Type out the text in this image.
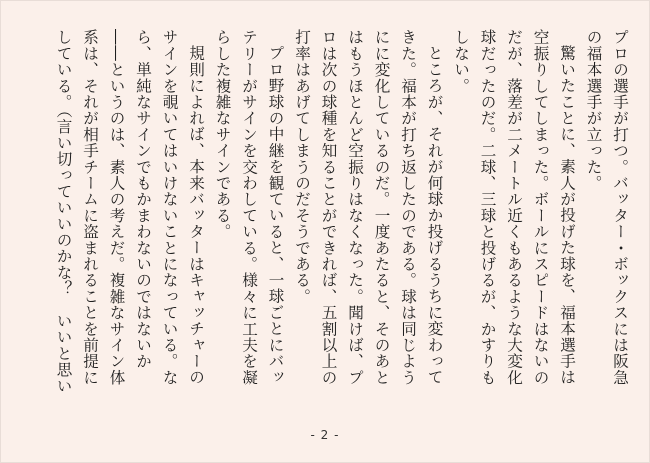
プロの選手が打つ。バッター・ボックスには阪急の福本選手が立った。

驚いたことに、素人が投げた球を、福本選手は空振りしてしまった。ボールにスピードはないのだが、落差が二メートル近くもあるような大変化球だったのだ。二球、三球と投げるが、かすりもしない。

ところが、それが何球か投げるうちに変わってきた。福本が打ち返したのである。球は同じようにに変化しているのだ。一度あたると、そのあとはもうほとんど空振りはなくなった。聞けば、プロは次の球種を知ることができれば、五割以上の打率はあげてしまうのだそうである。

プロ野球の中継を観ていると、一球ごとにバッテリーがサインを交わしている。様々に工夫を凝らした複雑なサインである。

規則によれば、本来バッターはキャッチャーのサインを覗いてはいけないことになっている。なら、単純なサインでもかまわないのではないか――というのは、素人の考えだ。複雑なサイン体系は、それが相手チームに盗まれることを前提にしている。（言い切っていいのかな？　いいと思い

- 2 -
